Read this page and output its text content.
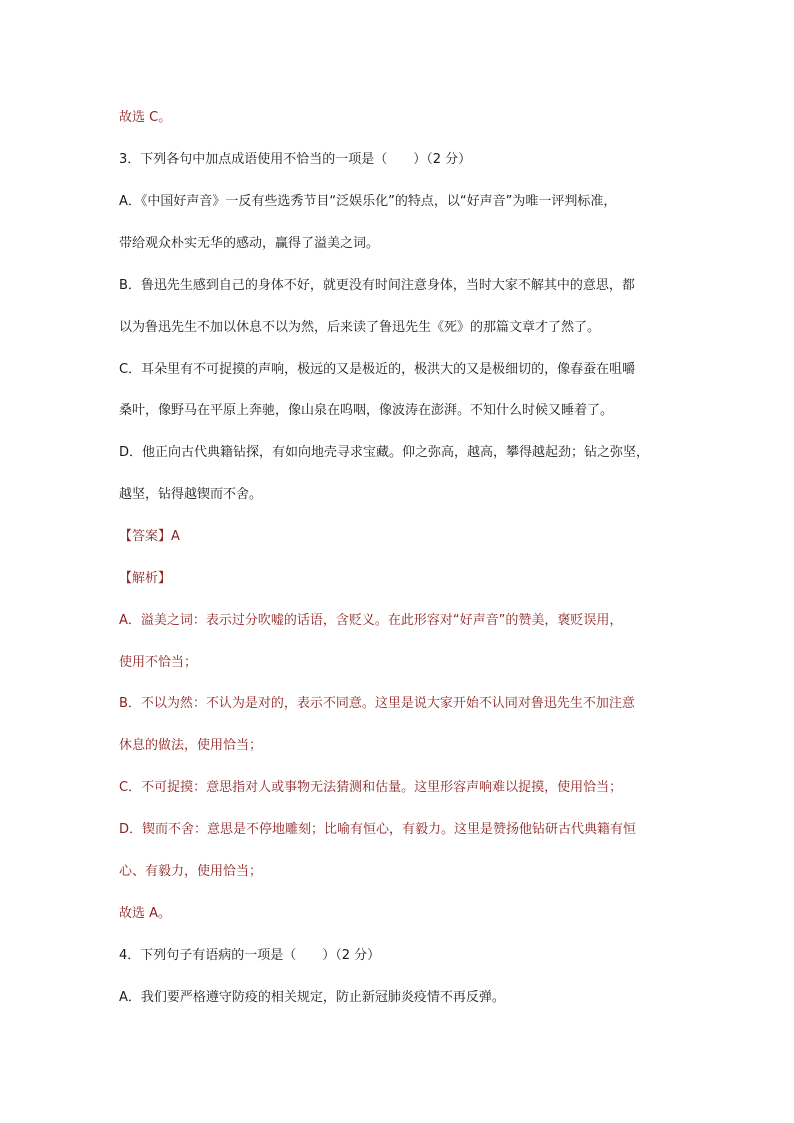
故选 C。
3．下列各句中加点成语使用不恰当的一项是（　　）（2 分）
A．《中国好声音》一反有些选秀节目“泛娱乐化”的特点，以“好声音”为唯一评判标准，
带给观众朴实无华的感动，赢得了溢美之词。
B．鲁迅先生感到自己的身体不好，就更没有时间注意身体，当时大家不解其中的意思，都
以为鲁迅先生不加以休息不以为然，后来读了鲁迅先生《死》的那篇文章才了然了。
C．耳朵里有不可捉摸的声响，极远的又是极近的，极洪大的又是极细切的，像春蚕在咀嚼
桑叶，像野马在平原上奔驰，像山泉在呜咽，像波涛在澎湃。不知什么时候又睡着了。
D．他正向古代典籍钻探，有如向地壳寻求宝藏。仰之弥高，越高，攀得越起劲；钻之弥坚，
越坚，钻得越锲而不舍。
【答案】A
【解析】
A．溢美之词：表示过分吹嘘的话语，含贬义。在此形容对“好声音”的赞美，褒贬误用，
使用不恰当；
B．不以为然：不认为是对的，表示不同意。这里是说大家开始不认同对鲁迅先生不加注意
休息的做法，使用恰当；
C．不可捉摸：意思指对人或事物无法猜测和估量。这里形容声响难以捉摸，使用恰当；
D．锲而不舍：意思是不停地雕刻；比喻有恒心，有毅力。这里是赞扬他钻研古代典籍有恒
心、有毅力，使用恰当；
故选 A。
4．下列句子有语病的一项是（　　）（2 分）
A．我们要严格遵守防疫的相关规定，防止新冠肺炎疫情不再反弹。
